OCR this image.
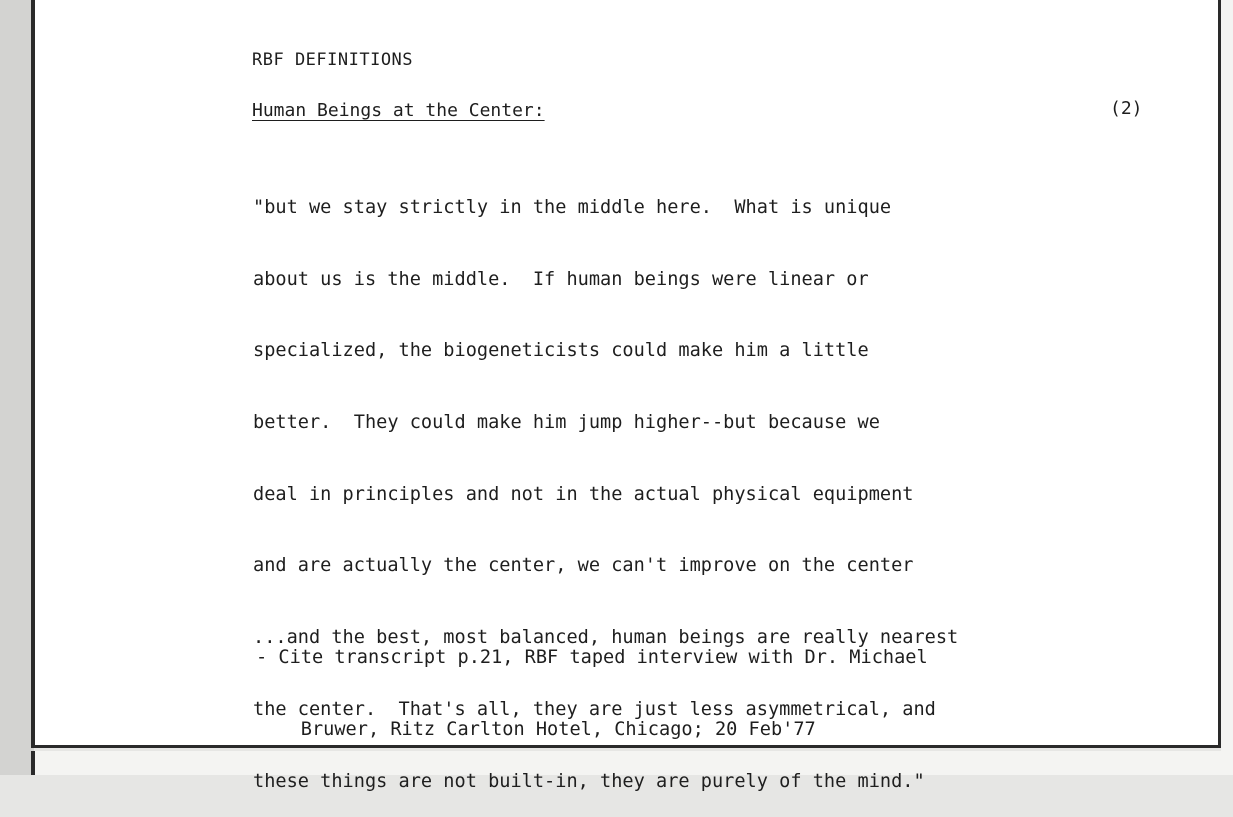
RBF DEFINITIONS
Human Beings at the Center:	(2)

"but we stay strictly in the middle here.  What is unique

about us is the middle.  If human beings were linear or

specialized, the biogeneticists could make him a little

better.  They could make him jump higher--but because we

deal in principles and not in the actual physical equipment

and are actually the center, we can't improve on the center

...and the best, most balanced, human beings are really nearest

the center.  That's all, they are just less asymmetrical, and

these things are not built-in, they are purely of the mind."

- Cite transcript p.21, RBF taped interview with Dr. Michael

Bruwer, Ritz Carlton Hotel, Chicago; 20 Feb'77
